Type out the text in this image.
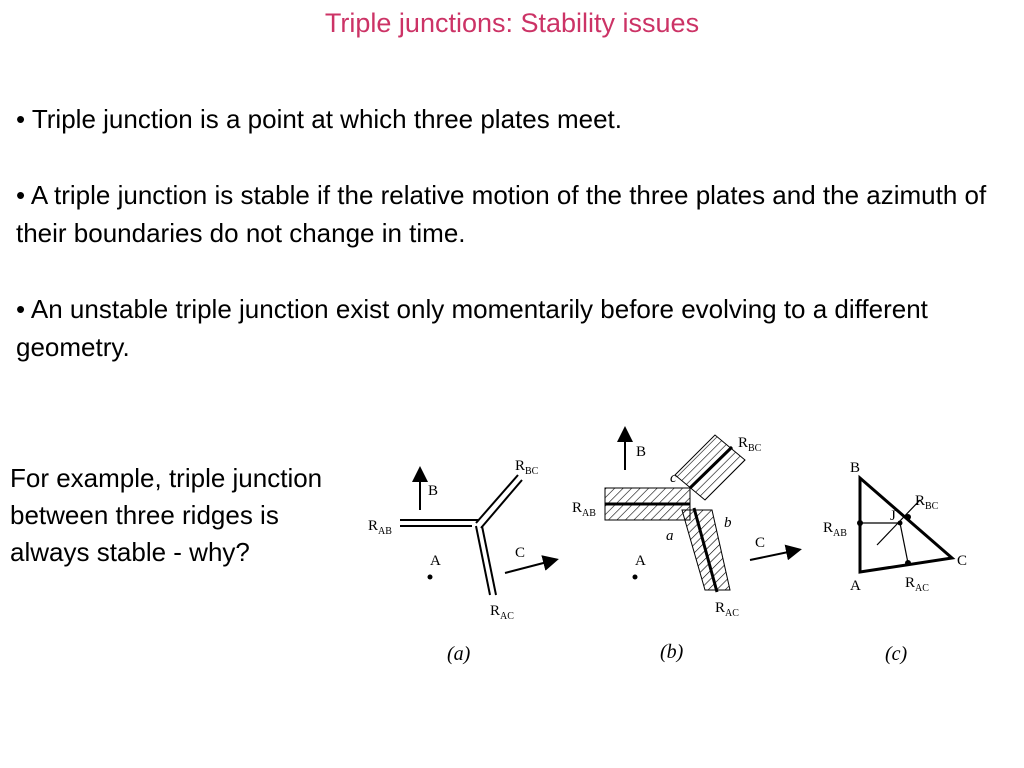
Triple junctions: Stability issues

• Triple junction is a point at which three plates meet.

• A triple junction is stable if the relative motion of the three plates and the azimuth of their boundaries do not change in time.

• An unstable triple junction exist only momentarily before evolving to a different geometry.

For example, triple junction between three ridges is always stable - why?
B
A	C
$R_{AB}$
$R_{BC}$
$R_{AC}$
(a)
B
A
C
c
a
b
$R_{AB}$
$R_{BC}$
$R_{AC}$
(b)
B
A
C
J
$R_{AB}$
$R_{BC}$
$R_{AC}$
(c)
